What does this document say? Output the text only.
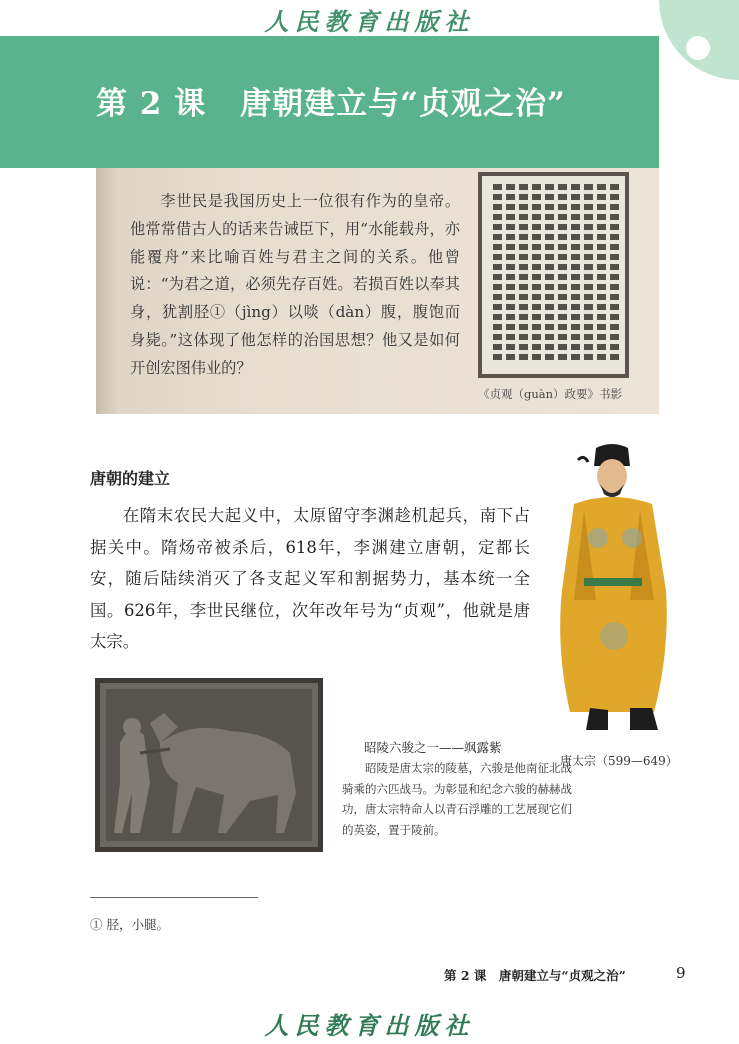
人民教育出版社
第 2 课 唐朝建立与“贞观之治”

李世民是我国历史上一位很有作为的皇帝。他常常借古人的话来告诫臣下，用“水能载舟，亦能覆舟”来比喻百姓与君主之间的关系。他曾说：“为君之道，必须先存百姓。若损百姓以奉其身，犹割胫①（jìng）以啖（dàn）腹，腹饱而身毙。”这体现了他怎样的治国思想？他又是如何开创宏图伟业的？

《贞观（guàn）政要》书影
唐朝的建立

在隋末农民大起义中，太原留守李渊趁机起兵，南下占据关中。隋炀帝被杀后，618年，李渊建立唐朝，定都长安，随后陆续消灭了各支起义军和割据势力，基本统一全国。626年，李世民继位，次年改年号为“贞观”，他就是唐太宗。

唐太宗（599—649）
昭陵六骏之一——飒露紫

昭陵是唐太宗的陵墓，六骏是他南征北战骑乘的六匹战马。为彰显和纪念六骏的赫赫战功，唐太宗特命人以青石浮雕的工艺展现它们的英姿，置于陵前。

① 胫，小腿。
第 2 课　唐朝建立与“贞观之治”	9
人民教育出版社
